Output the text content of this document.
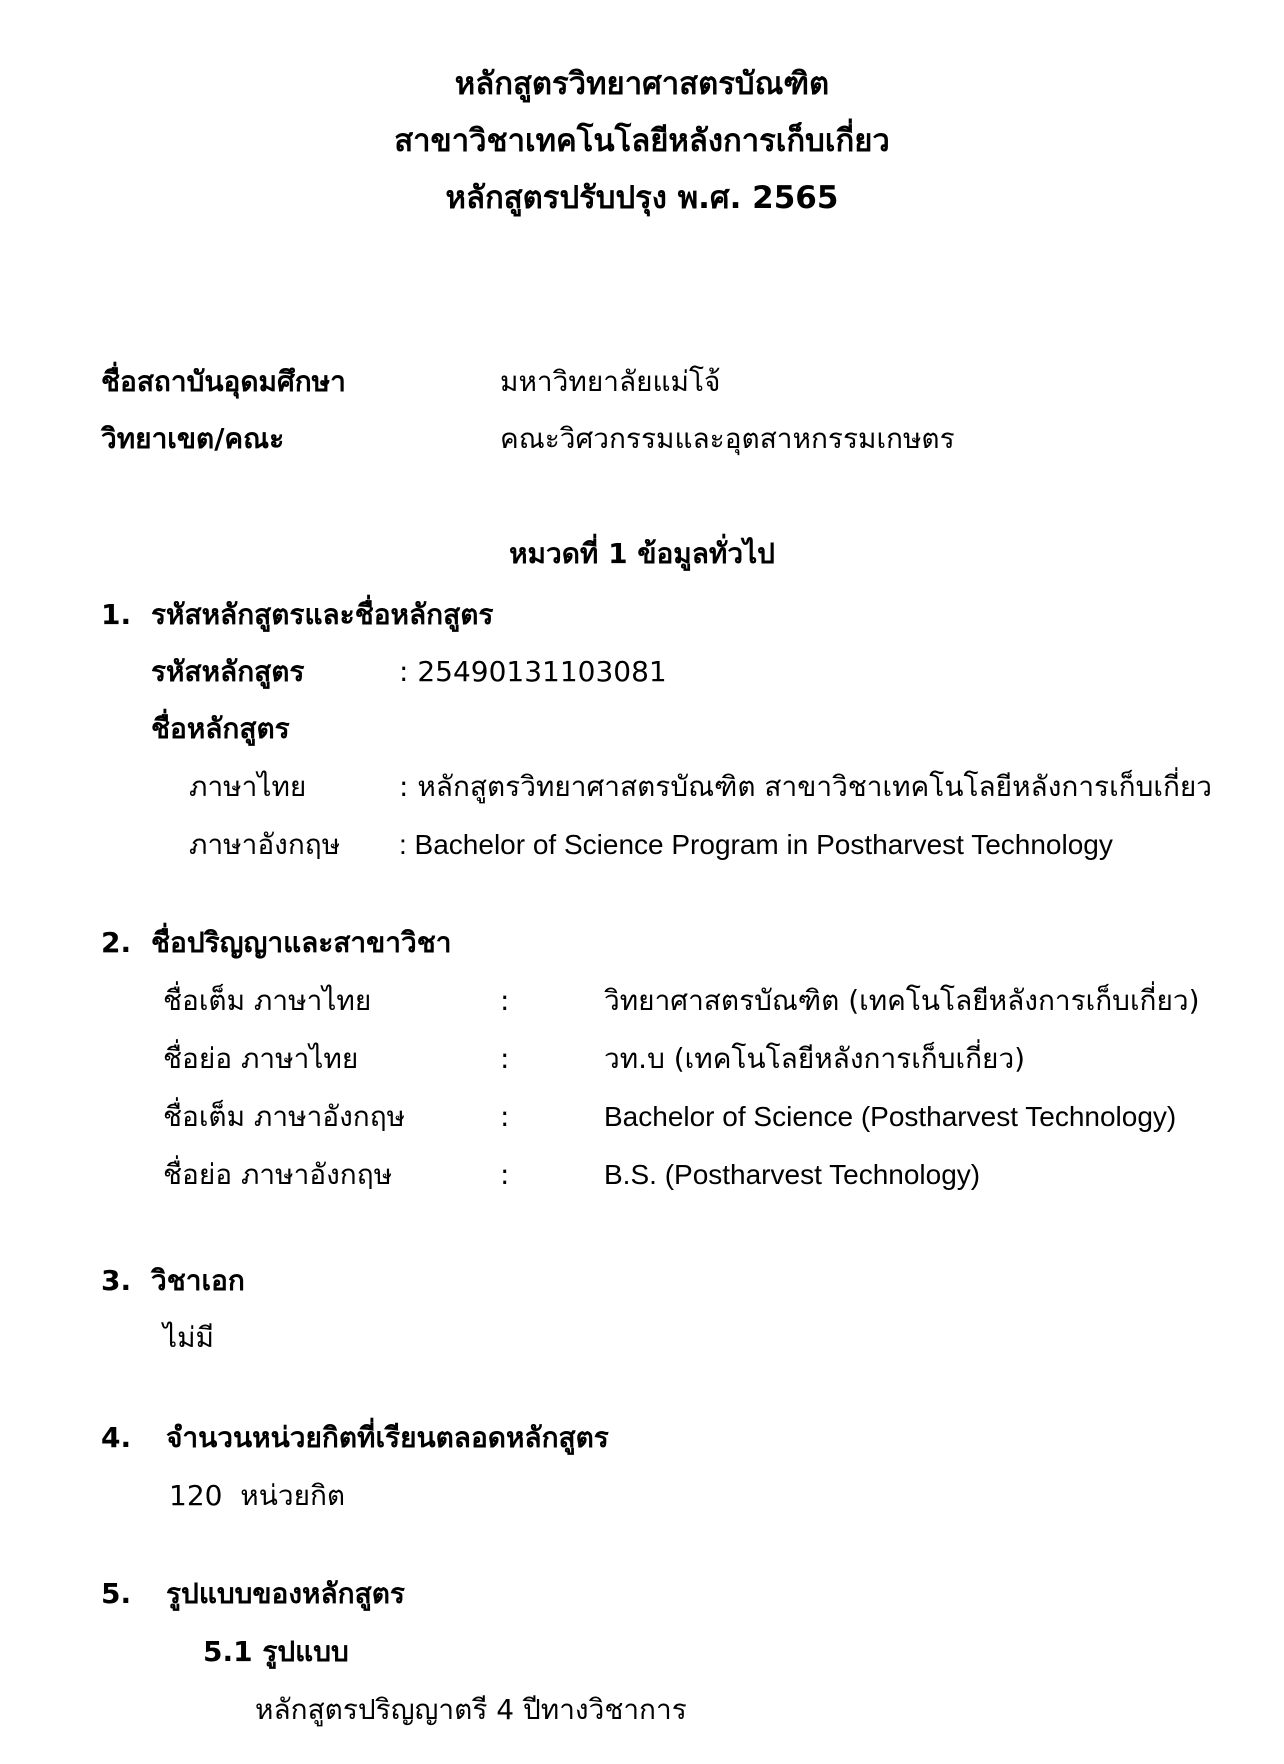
หลักสูตรวิทยาศาสตรบัณฑิต
สาขาวิชาเทคโนโลยีหลังการเก็บเกี่ยว
หลักสูตรปรับปรุง พ.ศ. 2565
ชื่อสถาบันอุดมศึกษา	มหาวิทยาลัยแม่โจ้
วิทยาเขต/คณะ	คณะวิศวกรรมและอุตสาหกรรมเกษตร
หมวดที่ 1 ข้อมูลทั่วไป
1. รหัสหลักสูตรและชื่อหลักสูตร
รหัสหลักสูตร	: 25490131103081
ชื่อหลักสูตร
ภาษาไทย	: หลักสูตรวิทยาศาสตรบัณฑิต สาขาวิชาเทคโนโลยีหลังการเก็บเกี่ยว
ภาษาอังกฤษ : Bachelor of Science Program in Postharvest Technology
2. ชื่อปริญญาและสาขาวิชา
ชื่อเต็ม ภาษาไทย	:	วิทยาศาสตรบัณฑิต (เทคโนโลยีหลังการเก็บเกี่ยว)
ชื่อย่อ ภาษาไทย	:	วท.บ (เทคโนโลยีหลังการเก็บเกี่ยว)
ชื่อเต็ม ภาษาอังกฤษ	:	Bachelor of Science (Postharvest Technology)
ชื่อย่อ ภาษาอังกฤษ	:	B.S. (Postharvest Technology)
3. วิชาเอก
ไม่มี
4. จำนวนหน่วยกิตที่เรียนตลอดหลักสูตร
120  หน่วยกิต
5. รูปแบบของหลักสูตร
5.1 รูปแบบ
หลักสูตรปริญญาตรี 4 ปีทางวิชาการ
